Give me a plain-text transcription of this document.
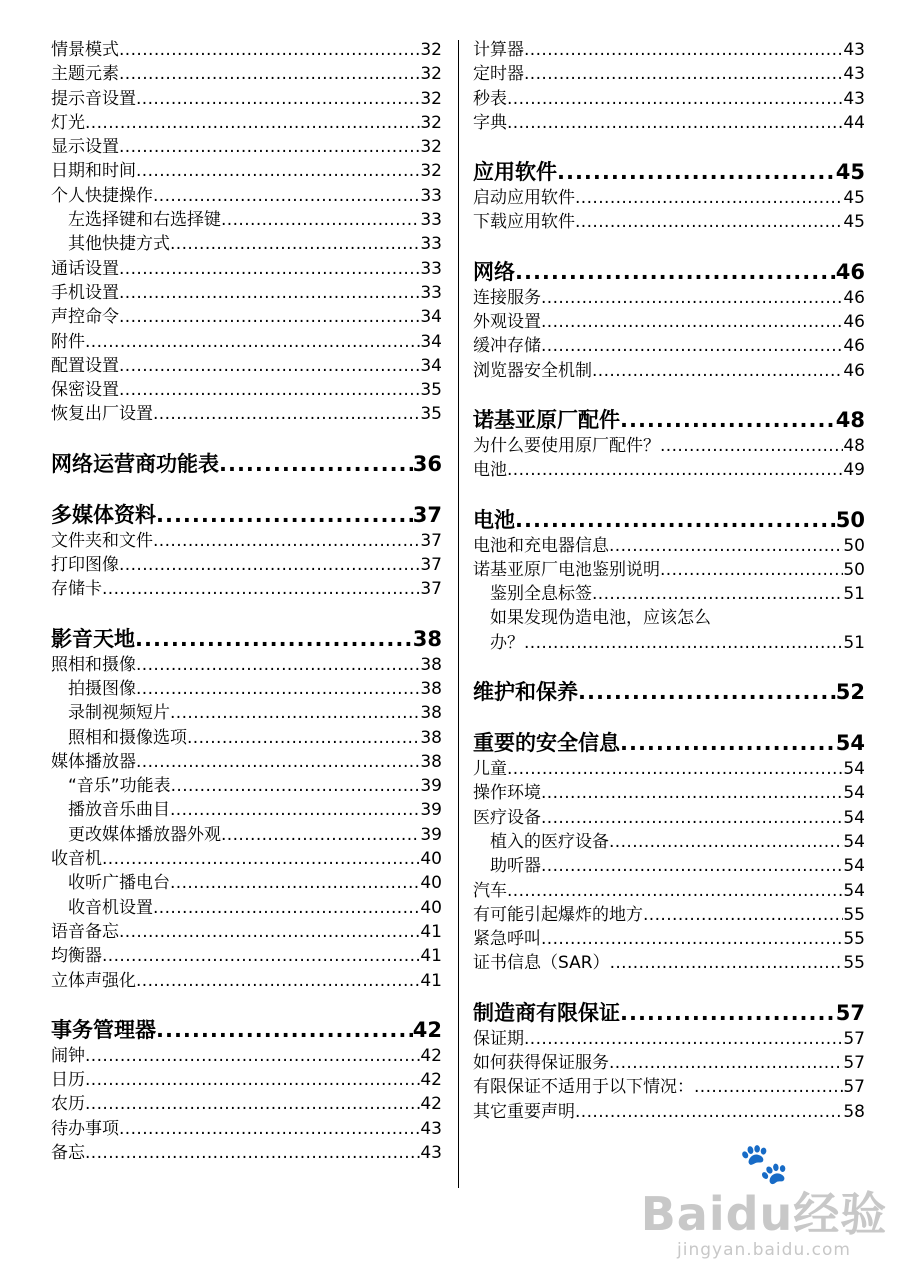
情景模式 .....	32
主题元素 .....	32
提示音设置 .....	32
灯光 .....	32
显示设置 .....	32
日期和时间 .....	32
个人快捷操作 .....	33
左选择键和右选择键 .....	33
其他快捷方式 .....	33
通话设置 .....	33
手机设置 .....	33
声控命令 .....	34
附件 .....	34
配置设置 .....	34
保密设置 .....	35
恢复出厂设置 .....	35
网络运营商功能表 .....	36
多媒体资料 .....	37
文件夹和文件 .....	37
打印图像 .....	37
存储卡 .....	37
影音天地 .....	38
照相和摄像 .....	38
拍摄图像 .....	38
录制视频短片 .....	38
照相和摄像选项 .....	38
媒体播放器 .....	38
“音乐”功能表 .....	39
播放音乐曲目 .....	39
更改媒体播放器外观 .....	39
收音机 .....	40
收听广播电台 .....	40
收音机设置 .....	40
语音备忘 .....	41
均衡器 .....	41
立体声强化 .....	41
事务管理器 .....	42
闹钟 .....	42
日历 .....	42
农历 .....	42
待办事项 .....	43
备忘 .....	43
计算器 .....	43
定时器 .....	43
秒表 .....	43
字典 .....	44
应用软件 .....	45
启动应用软件 .....	45
下载应用软件 .....	45
网络 .....	46
连接服务 .....	46
外观设置 .....	46
缓冲存储 .....	46
浏览器安全机制 .....	46
诺基亚原厂配件 .....	48
为什么要使用原厂配件？ .....	48
电池 .....	49
电池 .....	50
电池和充电器信息 .....	50
诺基亚原厂电池鉴别说明 .....	50
鉴别全息标签 .....	51
如果发现伪造电池，应该怎么
办？ .....	51
维护和保养 .....	52
重要的安全信息 .....	54
儿童 .....	54
操作环境 .....	54
医疗设备 .....	54
植入的医疗设备 .....	54
助听器 .....	54
汽车 .....	54
有可能引起爆炸的地方 .....	55
紧急呼叫 .....	55
证书信息（SAR） .....	55
制造商有限保证 .....	57
保证期 .....	57
如何获得保证服务 .....	57
有限保证不适用于以下情况： .....	57
其它重要声明 .....	58
🐾
Baidu经验
jingyan.baidu.com
